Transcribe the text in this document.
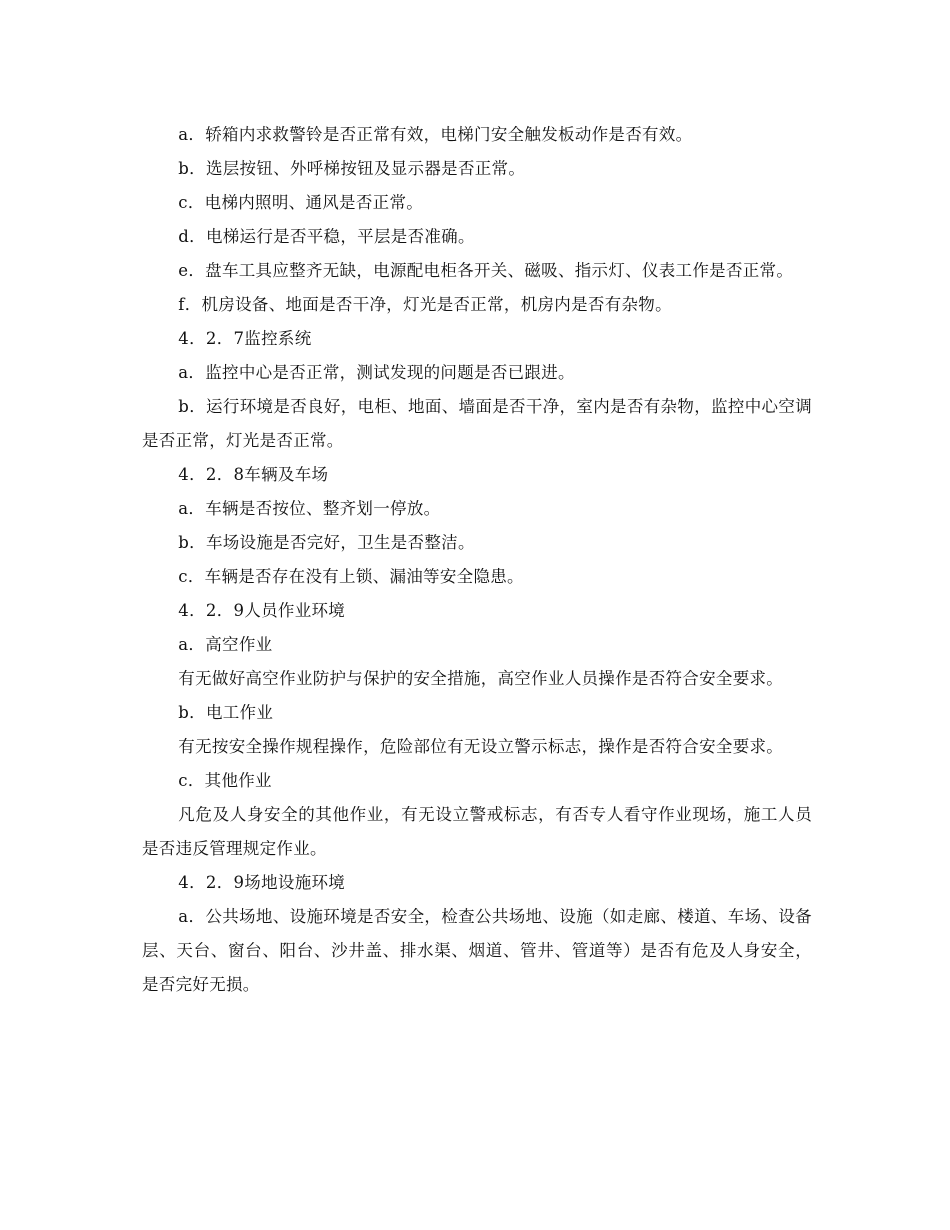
a．轿箱内求救警铃是否正常有效，电梯门安全触发板动作是否有效。

b．选层按钮、外呼梯按钮及显示器是否正常。

c．电梯内照明、通风是否正常。

d．电梯运行是否平稳，平层是否准确。

e．盘车工具应整齐无缺，电源配电柜各开关、磁吸、指示灯、仪表工作是否正常。

f．机房设备、地面是否干净，灯光是否正常，机房内是否有杂物。

4．2．7监控系统

a．监控中心是否正常，测试发现的问题是否已跟进。

b．运行环境是否良好，电柜、地面、墙面是否干净，室内是否有杂物，监控中心空调是否正常，灯光是否正常。

4．2．8车辆及车场

a．车辆是否按位、整齐划一停放。

b．车场设施是否完好，卫生是否整洁。

c．车辆是否存在没有上锁、漏油等安全隐患。

4．2．9人员作业环境

a．高空作业

有无做好高空作业防护与保护的安全措施，高空作业人员操作是否符合安全要求。

b．电工作业

有无按安全操作规程操作，危险部位有无设立警示标志，操作是否符合安全要求。

c．其他作业

凡危及人身安全的其他作业，有无设立警戒标志，有否专人看守作业现场，施工人员是否违反管理规定作业。

4．2．9场地设施环境

a．公共场地、设施环境是否安全，检查公共场地、设施（如走廊、楼道、车场、设备层、天台、窗台、阳台、沙井盖、排水渠、烟道、管井、管道等）是否有危及人身安全，是否完好无损。
